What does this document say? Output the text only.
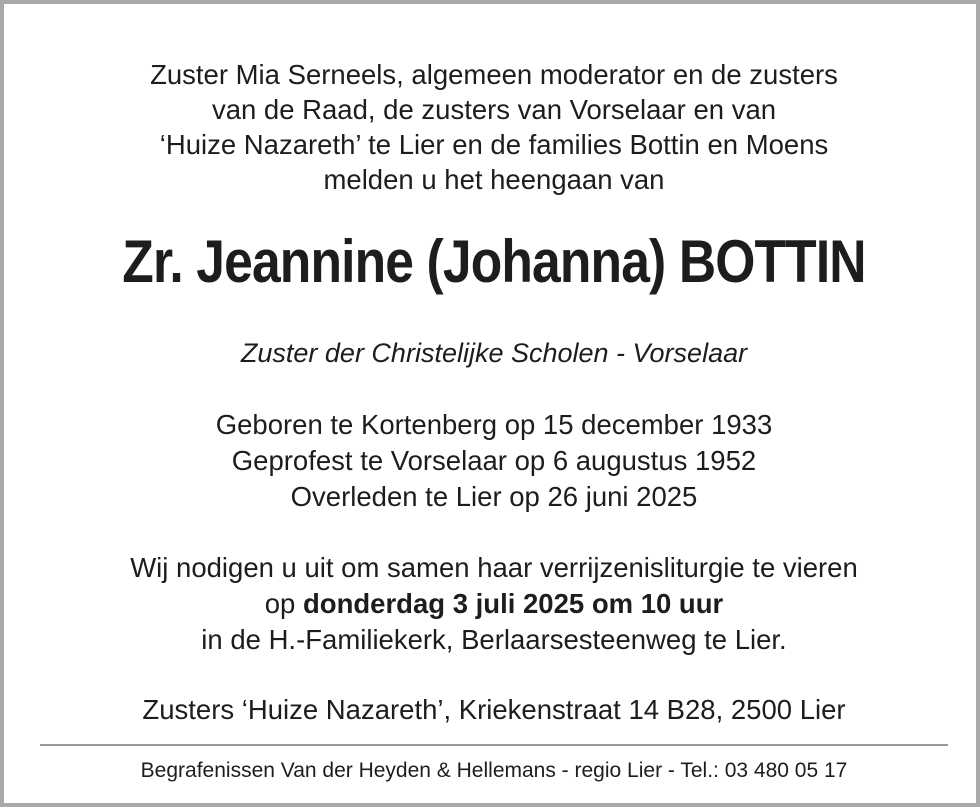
Zuster Mia Serneels, algemeen moderator en de zusters
van de Raad, de zusters van Vorselaar en van
‘Huize Nazareth’ te Lier en de families Bottin en Moens
melden u het heengaan van
Zr. Jeannine (Johanna) BOTTIN
Zuster der Christelijke Scholen - Vorselaar
Geboren te Kortenberg op 15 december 1933
Geprofest te Vorselaar op 6 augustus 1952
Overleden te Lier op 26 juni 2025
Wij nodigen u uit om samen haar verrijzenisliturgie te vieren
op donderdag 3 juli 2025 om 10 uur
in de H.-Familiekerk, Berlaarsesteenweg te Lier.
Zusters ‘Huize Nazareth’, Kriekenstraat 14 B28, 2500 Lier
Begrafenissen Van der Heyden & Hellemans - regio Lier - Tel.: 03 480 05 17
